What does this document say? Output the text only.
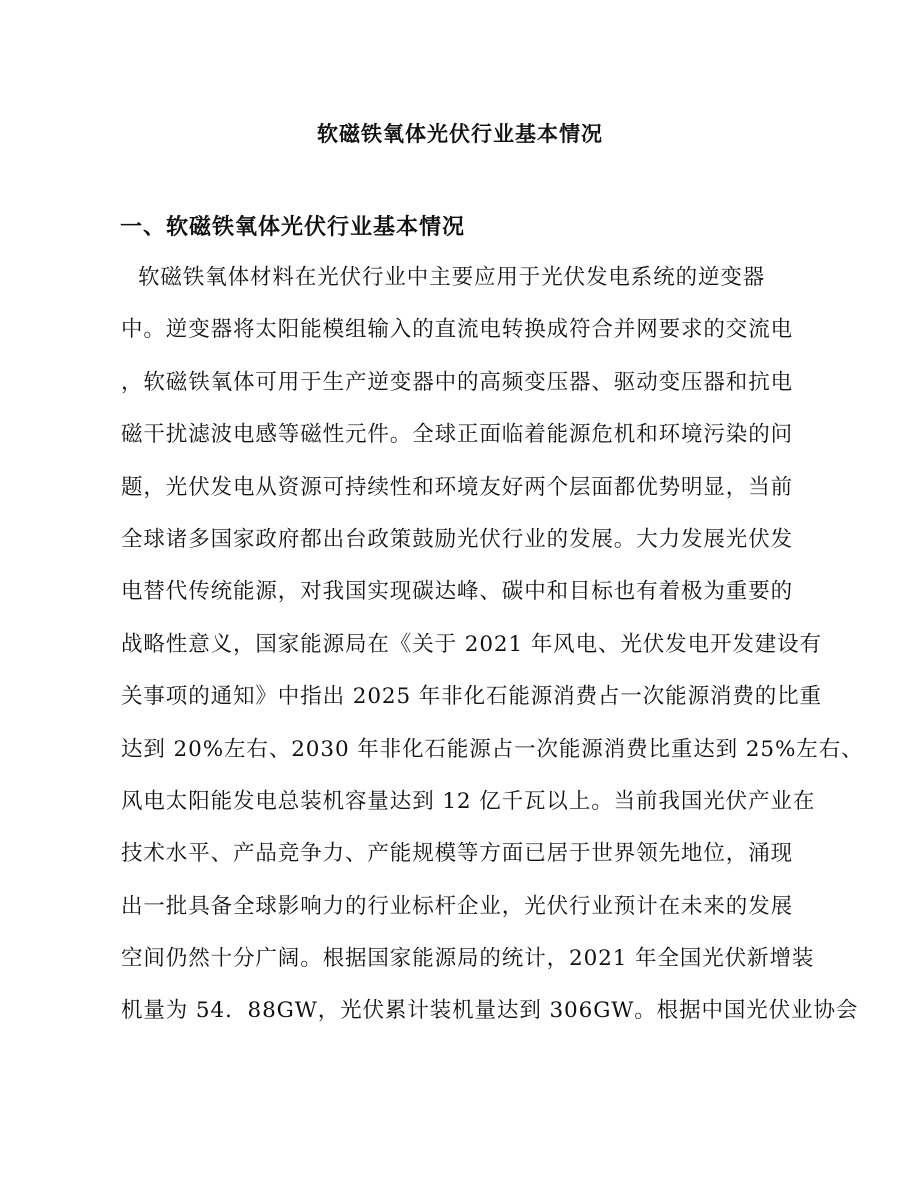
软磁铁氧体光伏行业基本情况
一、软磁铁氧体光伏行业基本情况
软磁铁氧体材料在光伏行业中主要应用于光伏发电系统的逆变器
中。逆变器将太阳能模组输入的直流电转换成符合并网要求的交流电
，软磁铁氧体可用于生产逆变器中的高频变压器、驱动变压器和抗电
磁干扰滤波电感等磁性元件。全球正面临着能源危机和环境污染的问
题，光伏发电从资源可持续性和环境友好两个层面都优势明显，当前
全球诸多国家政府都出台政策鼓励光伏行业的发展。大力发展光伏发
电替代传统能源，对我国实现碳达峰、碳中和目标也有着极为重要的
战略性意义，国家能源局在《关于 2021 年风电、光伏发电开发建设有
关事项的通知》中指出 2025 年非化石能源消费占一次能源消费的比重
达到 20%左右、2030 年非化石能源占一次能源消费比重达到 25%左右、
风电太阳能发电总装机容量达到 12 亿千瓦以上。当前我国光伏产业在
技术水平、产品竞争力、产能规模等方面已居于世界领先地位，涌现
出一批具备全球影响力的行业标杆企业，光伏行业预计在未来的发展
空间仍然十分广阔。根据国家能源局的统计，2021 年全国光伏新增装
机量为 54．88GW，光伏累计装机量达到 306GW。根据中国光伏业协会
